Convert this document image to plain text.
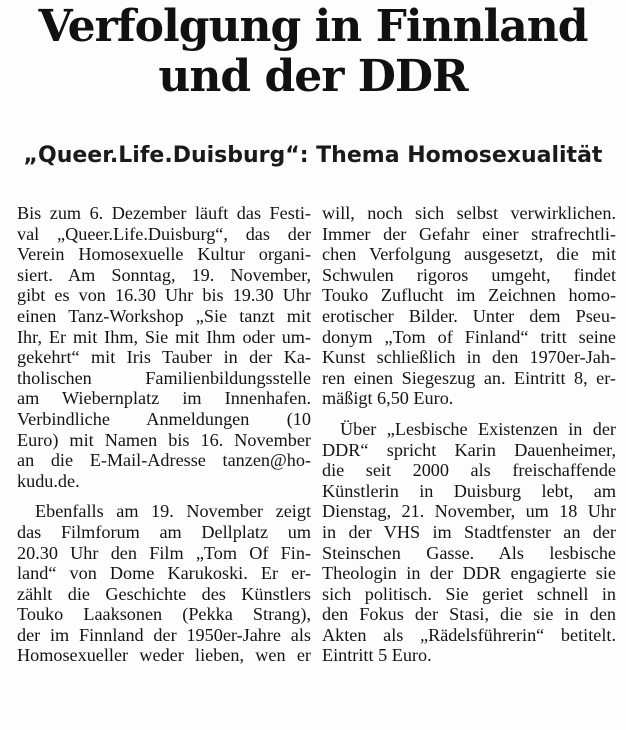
Verfolgung in Finnland
und der DDR
„Queer.Life.Duisburg“: Thema Homosexualität

Bis zum 6. Dezember läuft das Festi-
val „Queer.Life.Duisburg“, das der
Verein Homosexuelle Kultur organi-
siert. Am Sonntag, 19. November,
gibt es von 16.30 Uhr bis 19.30 Uhr
einen Tanz-Workshop „Sie tanzt mit
Ihr, Er mit Ihm, Sie mit Ihm oder um-
gekehrt“ mit Iris Tauber in der Ka-
tholischen Familienbildungsstelle
am Wiebernplatz im Innenhafen.
Verbindliche Anmeldungen (10
Euro) mit Namen bis 16. November
an die E-Mail-Adresse tanzen@ho-
kudu.de.

Ebenfalls am 19. November zeigt
das Filmforum am Dellplatz um
20.30 Uhr den Film „Tom Of Fin-
land“ von Dome Karukoski. Er er-
zählt die Geschichte des Künstlers
Touko Laaksonen (Pekka Strang),
der im Finnland der 1950er-Jahre als
Homosexueller weder lieben, wen er

will, noch sich selbst verwirklichen.
Immer der Gefahr einer strafrechtli-
chen Verfolgung ausgesetzt, die mit
Schwulen rigoros umgeht, findet
Touko Zuflucht im Zeichnen homo-
erotischer Bilder. Unter dem Pseu-
donym „Tom of Finland“ tritt seine
Kunst schließlich in den 1970er-Jah-
ren einen Siegeszug an. Eintritt 8, er-
mäßigt 6,50 Euro.

Über „Lesbische Existenzen in der
DDR“ spricht Karin Dauenheimer,
die seit 2000 als freischaffende
Künstlerin in Duisburg lebt, am
Dienstag, 21. November, um 18 Uhr
in der VHS im Stadtfenster an der
Steinschen Gasse. Als lesbische
Theologin in der DDR engagierte sie
sich politisch. Sie geriet schnell in
den Fokus der Stasi, die sie in den
Akten als „Rädelsführerin“ betitelt.
Eintritt 5 Euro.
